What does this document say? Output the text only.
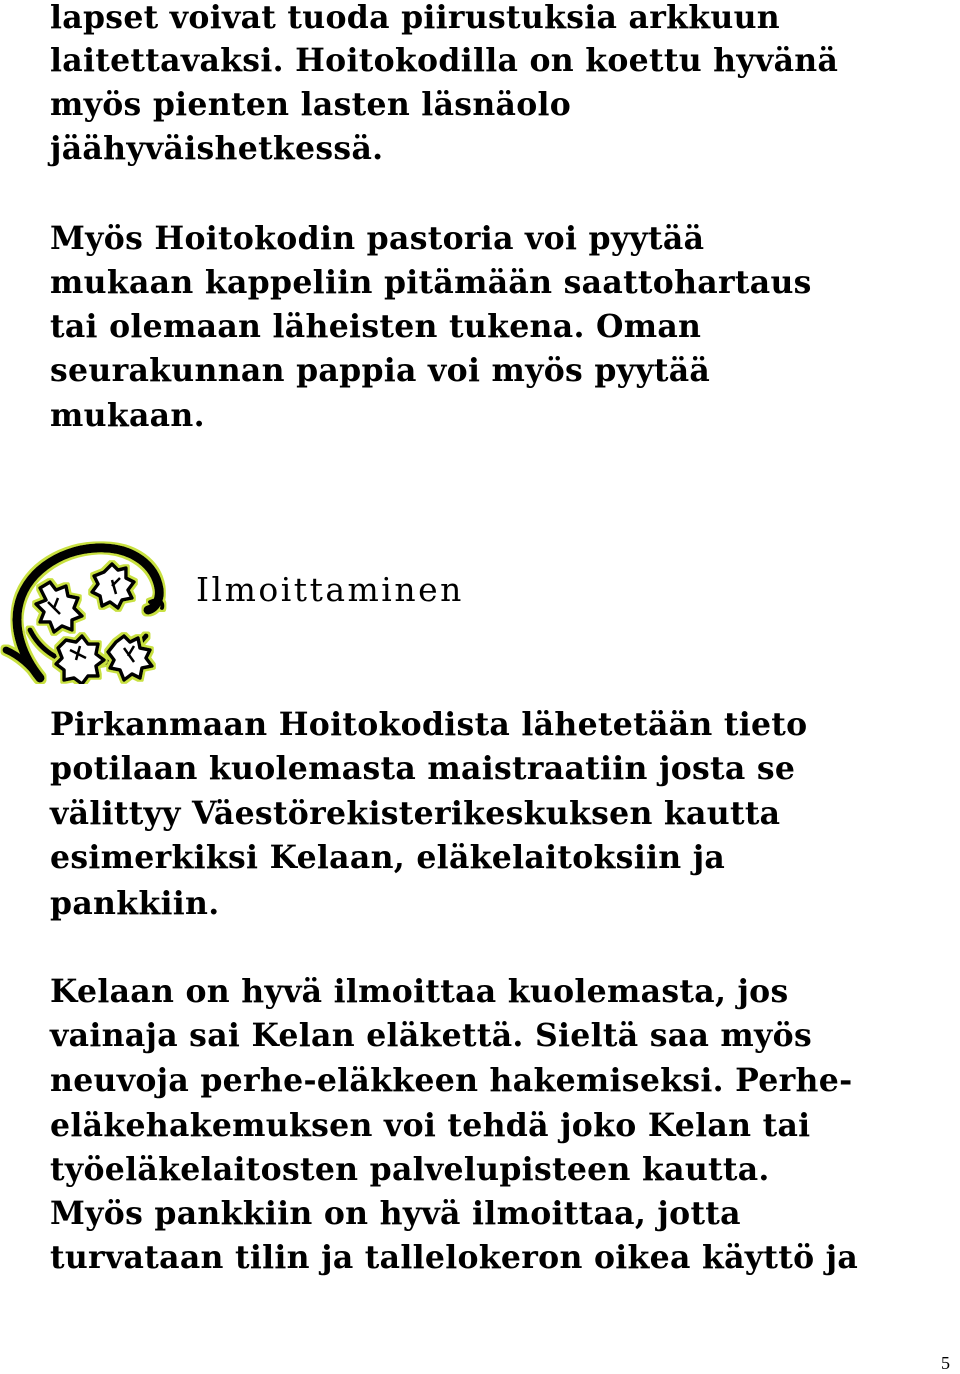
lapset voivat tuoda piirustuksia arkkuun
laitettavaksi. Hoitokodilla on koettu hyvänä
myös pienten lasten läsnäolo
jäähyväishetkessä.
Myös Hoitokodin pastoria voi pyytää
mukaan kappeliin pitämään saattohartaus
tai olemaan läheisten tukena. Oman
seurakunnan pappia voi myös pyytää
mukaan.
Ilmoittaminen
Pirkanmaan Hoitokodista lähetetään tieto
potilaan kuolemasta maistraatiin josta se
välittyy Väestörekisterikeskuksen kautta
esimerkiksi Kelaan, eläkelaitoksiin ja
pankkiin.
Kelaan on hyvä ilmoittaa kuolemasta, jos
vainaja sai Kelan eläkettä. Sieltä saa myös
neuvoja perhe-eläkkeen hakemiseksi. Perhe-
eläkehakemuksen voi tehdä joko Kelan tai
työeläkelaitosten palvelupisteen kautta.
Myös pankkiin on hyvä ilmoittaa, jotta
turvataan tilin ja tallelokeron oikea käyttö ja
5
